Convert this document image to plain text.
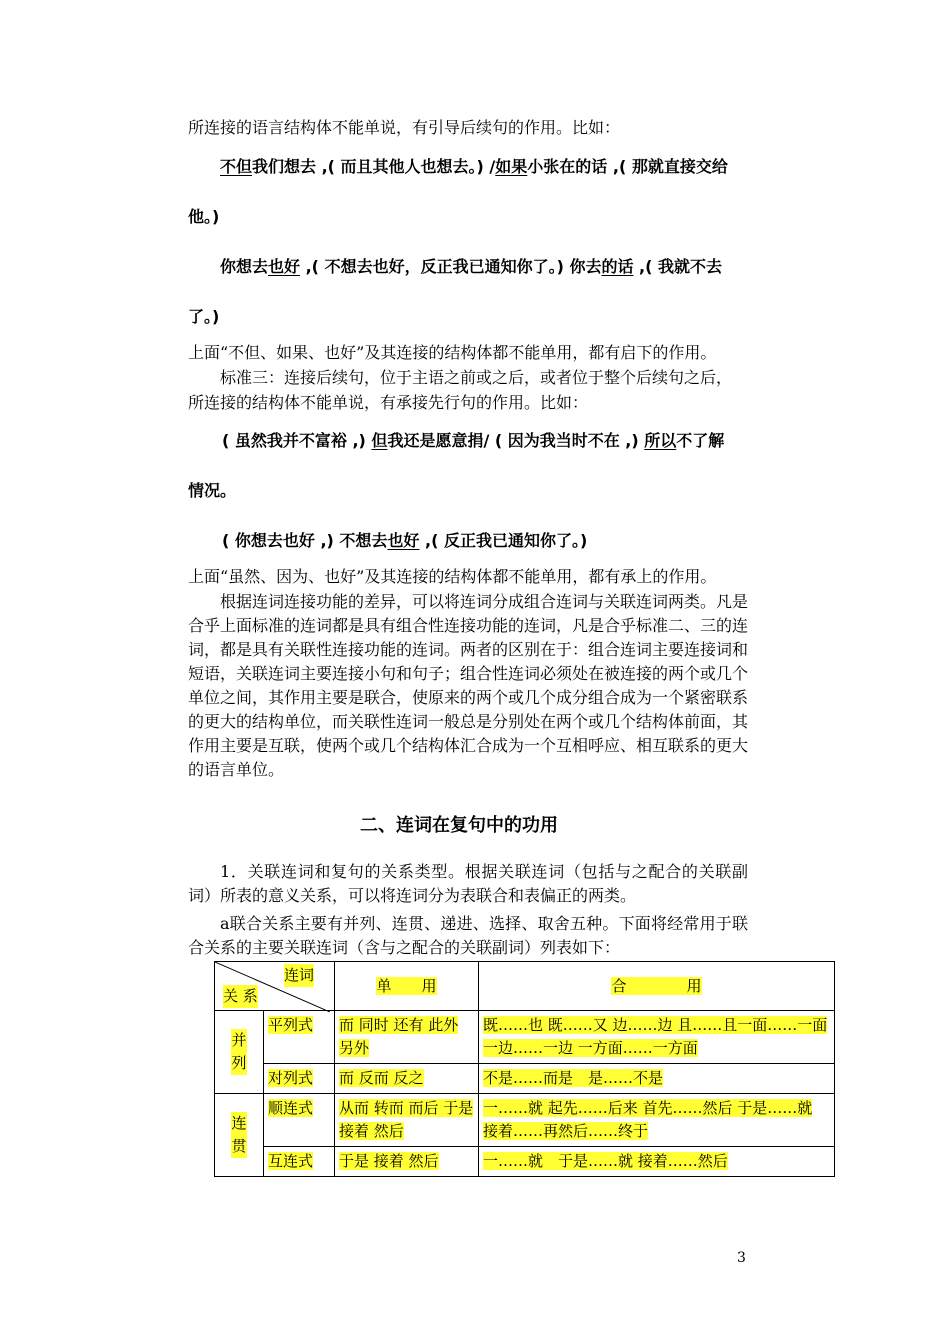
所连接的语言结构体不能单说，有引导后续句的作用。比如：
不但我们想去 ,( 而且其他人也想去。) /如果小张在的话 ,( 那就直接交给
他。)
你想去也好 ,( 不想去也好，反正我已通知你了。) 你去的话 ,( 我就不去
了。)
上面“不但、如果、也好”及其连接的结构体都不能单用，都有启下的作用。
标准三：连接后续句，位于主语之前或之后，或者位于整个后续句之后，
所连接的结构体不能单说，有承接先行句的作用。比如：
( 虽然我并不富裕 ,) 但我还是愿意捐/ ( 因为我当时不在 ,) 所以不了解
情况。
( 你想去也好 ,) 不想去也好 ,( 反正我已通知你了。)
上面“虽然、因为、也好”及其连接的结构体都不能单用，都有承上的作用。
根据连词连接功能的差异，可以将连词分成组合连词与关联连词两类。凡是合乎上面标准的连词都是具有组合性连接功能的连词，凡是合乎标准二、三的连词，都是具有关联性连接功能的连词。两者的区别在于：组合连词主要连接词和短语，关联连词主要连接小句和句子；组合性连词必须处在被连接的两个或几个单位之间，其作用主要是联合，使原来的两个或几个成分组合成为一个紧密联系的更大的结构单位，而关联性连词一般总是分别处在两个或几个结构体前面，其作用主要是互联，使两个或几个结构体汇合成为一个互相呼应、相互联系的更大的语言单位。
二、连词在复句中的功用
1．关联连词和复句的关系类型。根据关联连词（包括与之配合的关联副词）所表的意义关系，可以将连词分为表联合和表偏正的两类。
a联合关系主要有并列、连贯、递进、选择、取舍五种。下面将经常用于联合关系的主要关联连词（含与之配合的关联副词）列表如下：
连词
关 系		单　　用	合　　　　用
并 列	平列式	而 同时 还有 此外 另外	既……也 既……又 边……边 且……且一面……一面一边……一边 一方面……一方面
	对列式	而 反而 反之	不是……而是　是……不是
连 贯	顺连式	从而 转而 而后 于是 接着 然后	一……就 起先……后来 首先……然后 于是……就 接着……再然后……终于
	互连式	于是 接着 然后	一……就　于是……就 接着……然后
3
